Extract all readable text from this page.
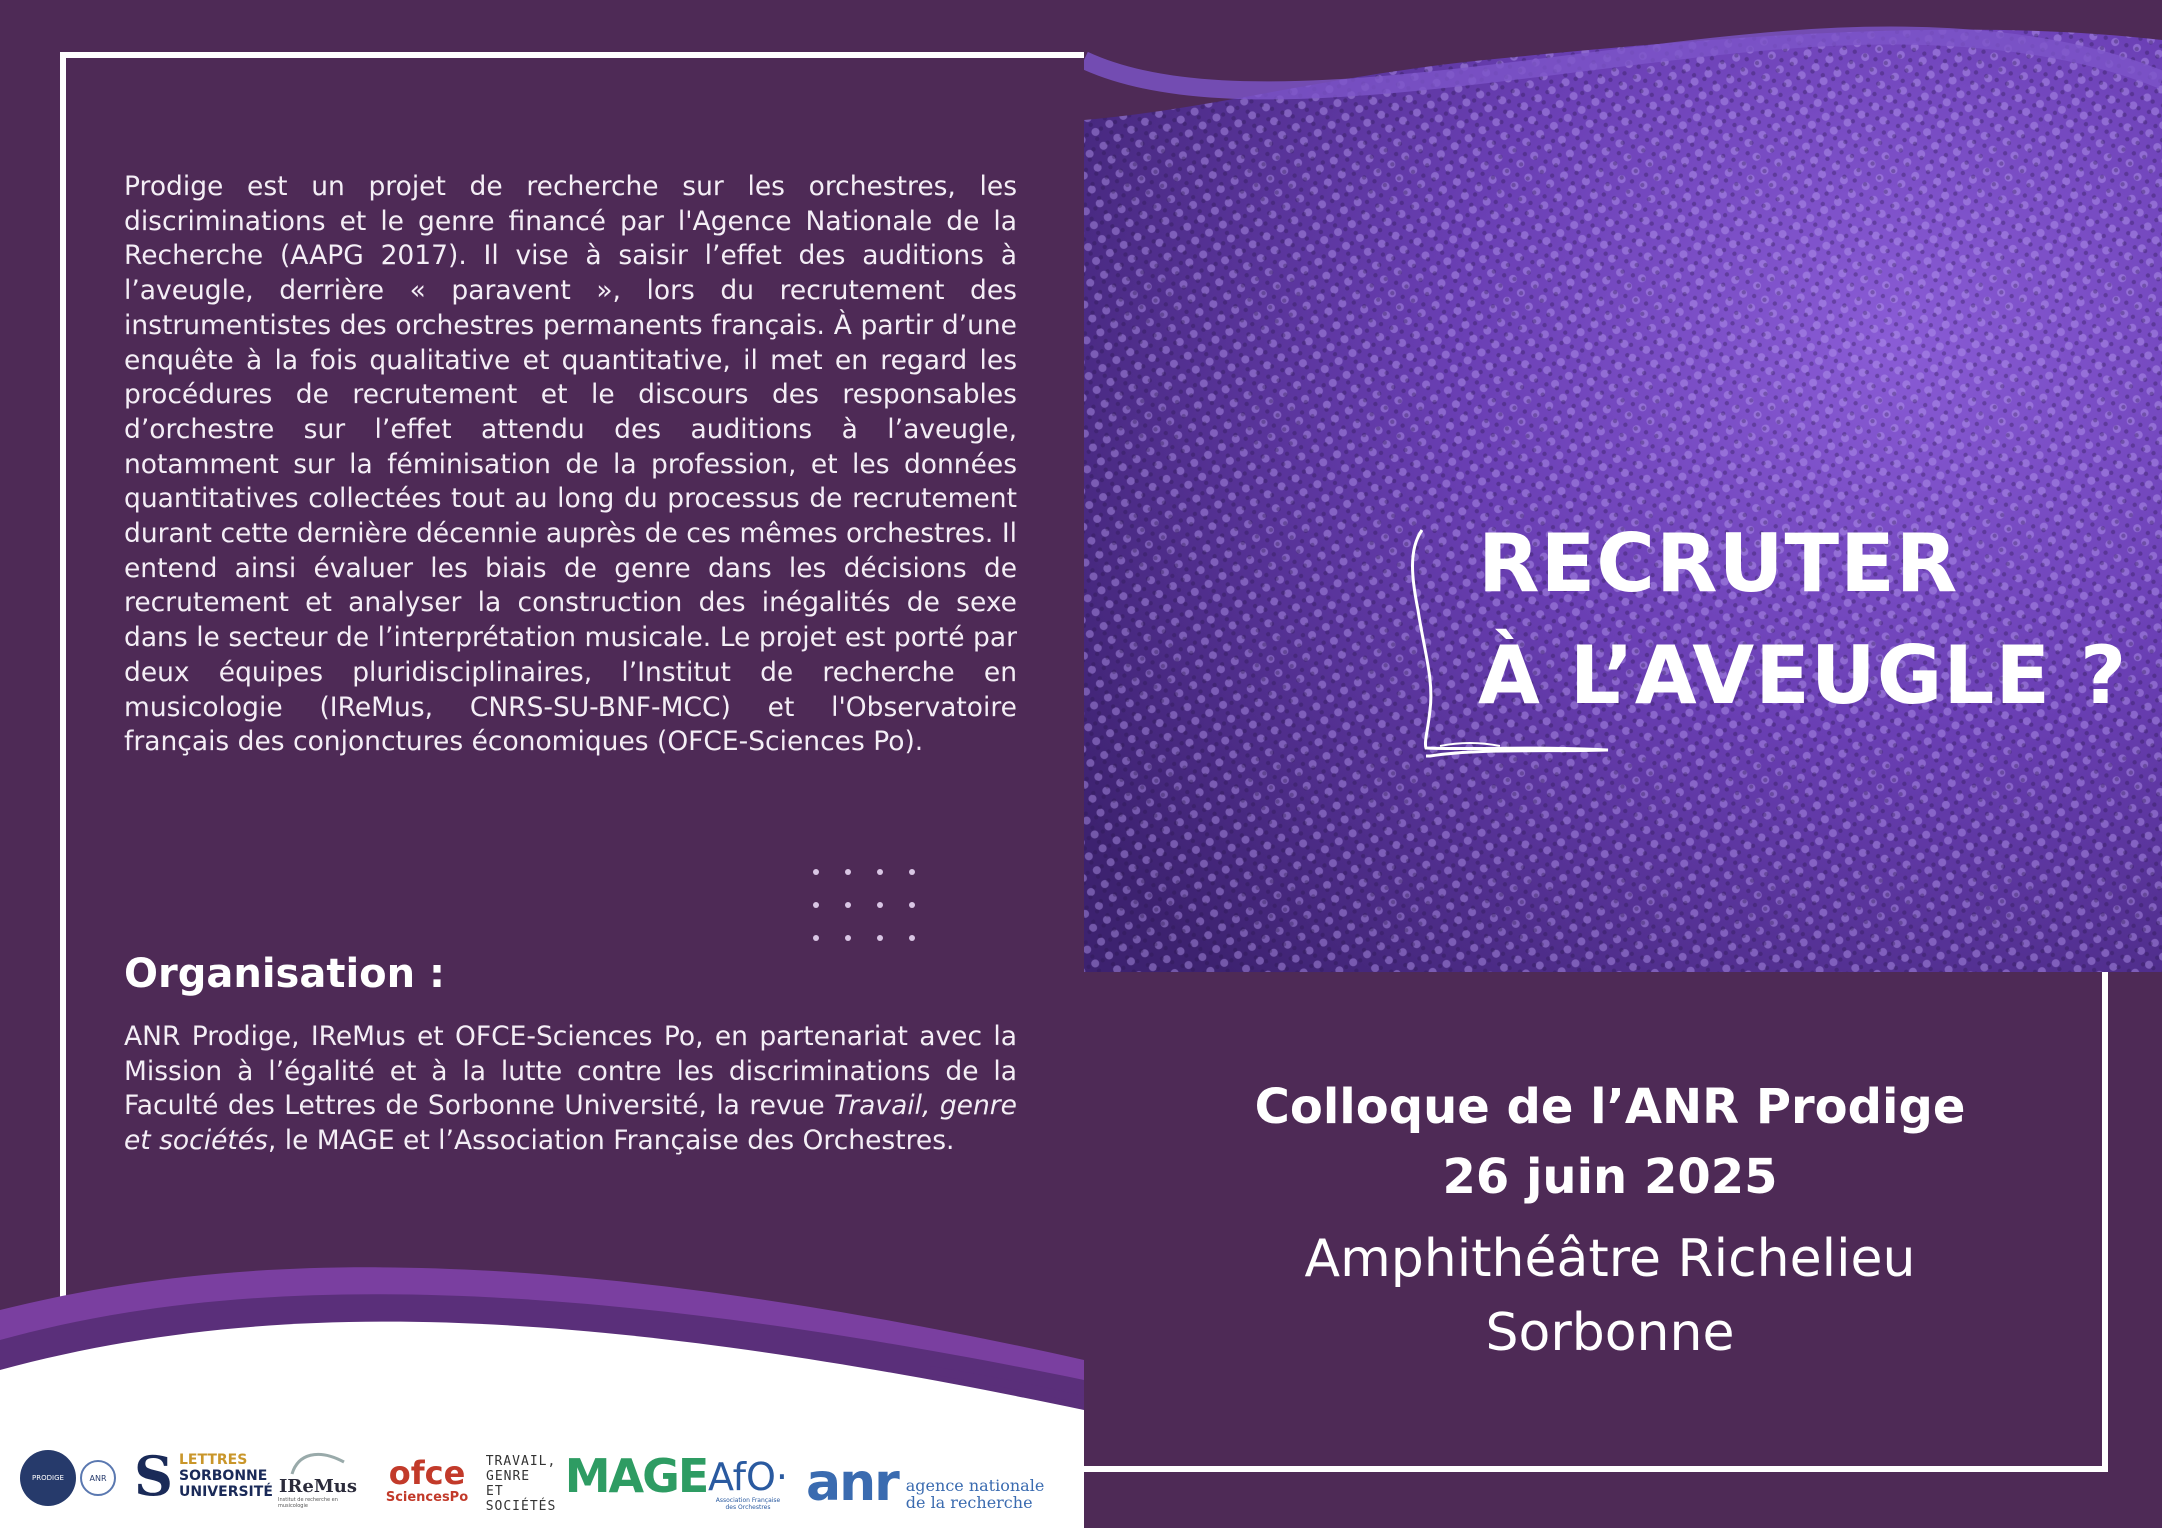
Prodige est un projet de recherche sur les orchestres, les discriminations et le genre financé par l'Agence Nationale de la Recherche (AAPG 2017). Il vise à saisir l’effet des auditions à l’aveugle, derrière « paravent », lors du recrutement des instrumentistes des orchestres permanents français. À partir d’une enquête à la fois qualitative et quantitative, il met en regard les procédures de recrutement et le discours des responsables d’orchestre sur l’effet attendu des auditions à l’aveugle, notamment sur la féminisation de la profession, et les données quantitatives collectées tout au long du processus de recrutement durant cette dernière décennie auprès de ces mêmes orchestres. Il entend ainsi évaluer les biais de genre dans les décisions de recrutement et analyser la construction des inégalités de sexe dans le secteur de l’interprétation musicale. Le projet est porté par deux équipes pluridisciplinaires, l’Institut de recherche en musicologie (IReMus, CNRS-SU-BNF-MCC) et l'Observatoire français des conjonctures économiques (OFCE-Sciences Po).

Organisation :

ANR Prodige, IReMus et OFCE-Sciences Po, en partenariat avec la Mission à l’égalité et à la lutte contre les discriminations de la Faculté des Lettres de Sorbonne Université, la revue Travail, genre et sociétés, le MAGE et l’Association Française des Orchestres.

PRODIGE	ANR S LETTRES
SORBONNE
UNIVERSITÉ IReMus
Institut de recherche en musicologie
ofce
SciencesPo
TRAVAIL,
GENRE ET
SOCIÉTÉS
MAGE AfO·
Association Française des Orchestres anr agence nationale
de la recherche
RECRUTER
À L’AVEUGLE ?
Colloque de l’ANR Prodige
26 juin 2025
Amphithéâtre Richelieu
Sorbonne
